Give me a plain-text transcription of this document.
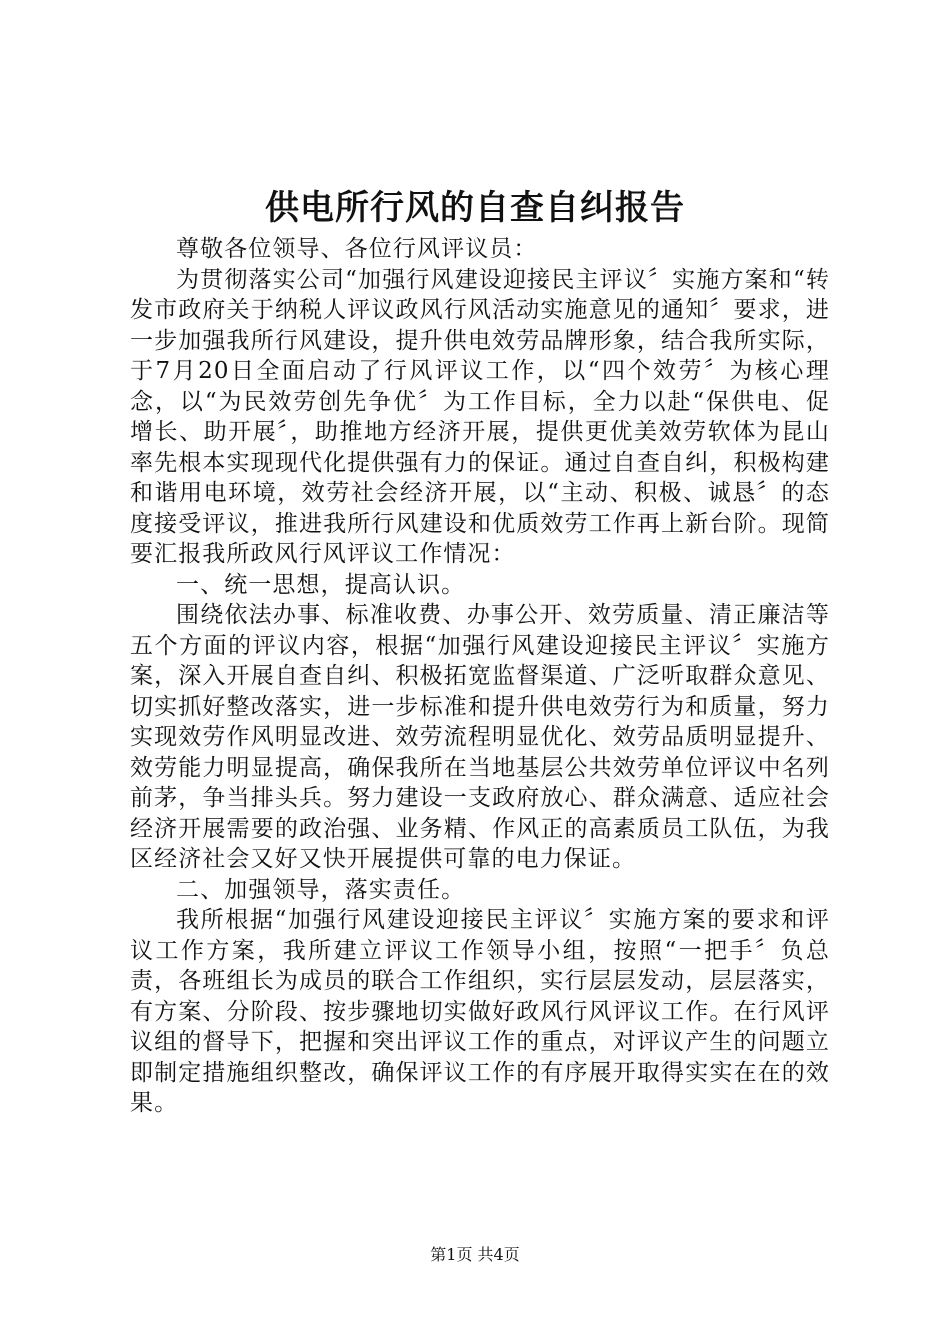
供电所行风的自查自纠报告

尊敬各位领导、各位行风评议员：

为贯彻落实公司“加强行风建设迎接民主评议〞实施方案和“转发市政府关于纳税人评议政风行风活动实施意见的通知〞要求，进一步加强我所行风建设，提升供电效劳品牌形象，结合我所实际，于7月20日全面启动了行风评议工作，以“四个效劳〞为核心理念，以“为民效劳创先争优〞为工作目标，全力以赴“保供电、促增长、助开展〞，助推地方经济开展，提供更优美效劳软体为昆山率先根本实现现代化提供强有力的保证。通过自查自纠，积极构建和谐用电环境，效劳社会经济开展，以“主动、积极、诚恳〞的态度接受评议，推进我所行风建设和优质效劳工作再上新台阶。现简要汇报我所政风行风评议工作情况：

一、统一思想，提高认识。

围绕依法办事、标准收费、办事公开、效劳质量、清正廉洁等五个方面的评议内容，根据“加强行风建设迎接民主评议〞实施方案，深入开展自查自纠、积极拓宽监督渠道、广泛听取群众意见、切实抓好整改落实，进一步标准和提升供电效劳行为和质量，努力实现效劳作风明显改进、效劳流程明显优化、效劳品质明显提升、效劳能力明显提高，确保我所在当地基层公共效劳单位评议中名列前茅，争当排头兵。努力建设一支政府放心、群众满意、适应社会经济开展需要的政治强、业务精、作风正的高素质员工队伍，为我区经济社会又好又快开展提供可靠的电力保证。

二、加强领导，落实责任。

我所根据“加强行风建设迎接民主评议〞实施方案的要求和评议工作方案，我所建立评议工作领导小组，按照“一把手〞负总责，各班组长为成员的联合工作组织，实行层层发动，层层落实，有方案、分阶段、按步骤地切实做好政风行风评议工作。在行风评议组的督导下，把握和突出评议工作的重点，对评议产生的问题立即制定措施组织整改，确保评议工作的有序展开取得实实在在的效果。

第1页 共4页
